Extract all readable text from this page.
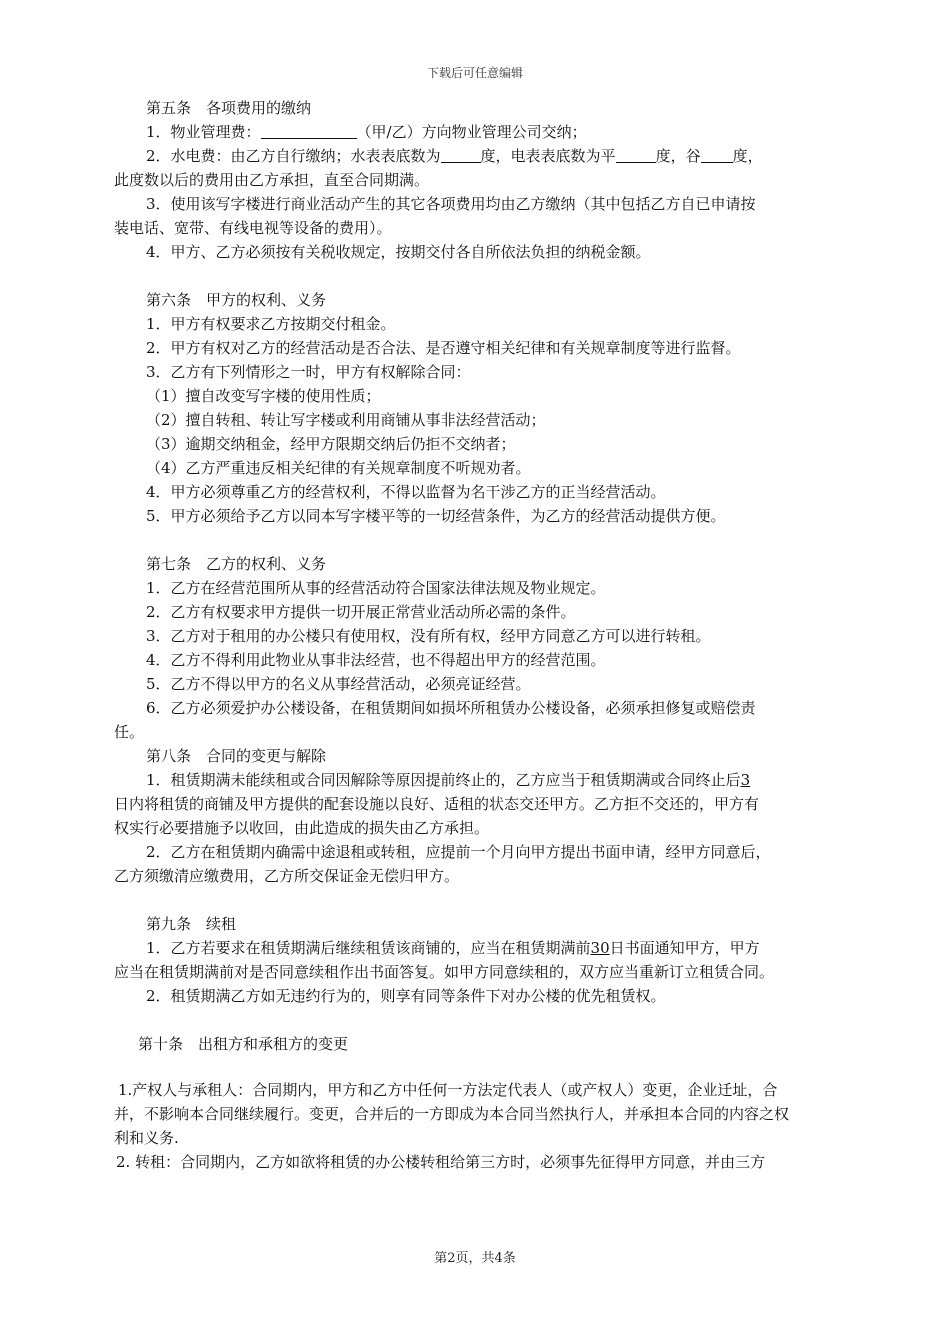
下载后可任意编辑
第五条　各项费用的缴纳
1．物业管理费：	（甲/乙）方向物业管理公司交纳；
2．水电费：由乙方自行缴纳；水表表底数为	度，电表表底数为平	度，谷 度，
此度数以后的费用由乙方承担，直至合同期满。
3．使用该写字楼进行商业活动产生的其它各项费用均由乙方缴纳（其中包括乙方自已申请按
装电话、宽带、有线电视等设备的费用）。
4．甲方、乙方必须按有关税收规定，按期交付各自所依法负担的纳税金额。
第六条　甲方的权利、义务
1．甲方有权要求乙方按期交付租金。
2．甲方有权对乙方的经营活动是否合法、是否遵守相关纪律和有关规章制度等进行监督。
3．乙方有下列情形之一时，甲方有权解除合同：
（1）擅自改变写字楼的使用性质；
（2）擅自转租、转让写字楼或利用商铺从事非法经营活动；
（3）逾期交纳租金，经甲方限期交纳后仍拒不交纳者；
（4）乙方严重违反相关纪律的有关规章制度不听规劝者。
4．甲方必须尊重乙方的经营权利，不得以监督为名干涉乙方的正当经营活动。
5．甲方必须给予乙方以同本写字楼平等的一切经营条件，为乙方的经营活动提供方便。
第七条　乙方的权利、义务
1．乙方在经营范围所从事的经营活动符合国家法律法规及物业规定。
2．乙方有权要求甲方提供一切开展正常营业活动所必需的条件。
3．乙方对于租用的办公楼只有使用权，没有所有权，经甲方同意乙方可以进行转租。
4．乙方不得利用此物业从事非法经营，也不得超出甲方的经营范围。
5．乙方不得以甲方的名义从事经营活动，必须亮证经营。
6．乙方必须爱护办公楼设备，在租赁期间如损坏所租赁办公楼设备，必须承担修复或赔偿责
任。
第八条　合同的变更与解除
1．租赁期满未能续租或合同因解除等原因提前终止的，乙方应当于租赁期满或合同终止后3
日内将租赁的商铺及甲方提供的配套设施以良好、适租的状态交还甲方。乙方拒不交还的，甲方有
权实行必要措施予以收回，由此造成的损失由乙方承担。
2．乙方在租赁期内确需中途退租或转租，应提前一个月向甲方提出书面申请，经甲方同意后，
乙方须缴清应缴费用，乙方所交保证金无偿归甲方。
第九条　续租
1．乙方若要求在租赁期满后继续租赁该商铺的，应当在租赁期满前30日书面通知甲方，甲方
应当在租赁期满前对是否同意续租作出书面答复。如甲方同意续租的，双方应当重新订立租赁合同。
2．租赁期满乙方如无违约行为的，则享有同等条件下对办公楼的优先租赁权。
第十条　出租方和承租方的变更
1.产权人与承租人：合同期内，甲方和乙方中任何一方法定代表人（或产权人）变更，企业迁址，合
并，不影响本合同继续履行。变更，合并后的一方即成为本合同当然执行人，并承担本合同的内容之权
利和义务.
2. 转租：合同期内，乙方如欲将租赁的办公楼转租给第三方时，必须事先征得甲方同意，并由三方
第2页，共4条
